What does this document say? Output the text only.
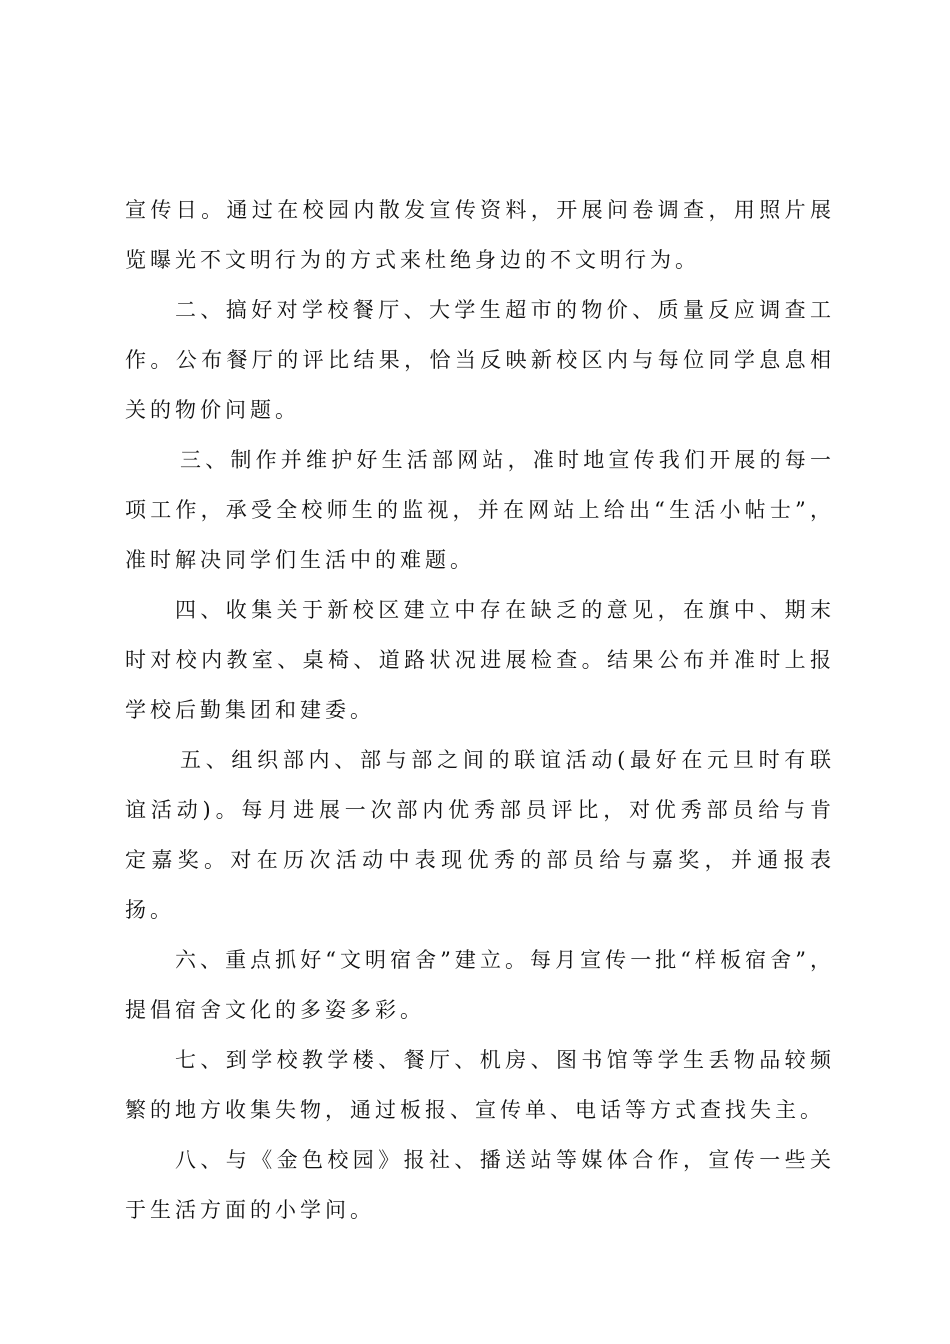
宣传日。通过在校园内散发宣传资料，开展问卷调查，用照片展览曝光不文明行为的方式来杜绝身边的不文明行为。

二、搞好对学校餐厅、大学生超市的物价、质量反应调查工作。公布餐厅的评比结果，恰当反映新校区内与每位同学息息相关的物价问题。

三、制作并维护好生活部网站，准时地宣传我们开展的每一项工作，承受全校师生的监视，并在网站上给出“生活小帖士”，准时解决同学们生活中的难题。

四、收集关于新校区建立中存在缺乏的意见，在旗中、期末时对校内教室、桌椅、道路状况进展检查。结果公布并准时上报学校后勤集团和建委。

五、组织部内、部与部之间的联谊活动(最好在元旦时有联谊活动)。每月进展一次部内优秀部员评比，对优秀部员给与肯定嘉奖。对在历次活动中表现优秀的部员给与嘉奖，并通报表扬。

六、重点抓好“文明宿舍”建立。每月宣传一批“样板宿舍”，提倡宿舍文化的多姿多彩。

七、到学校教学楼、餐厅、机房、图书馆等学生丢物品较频繁的地方收集失物，通过板报、宣传单、电话等方式查找失主。

八、与《金色校园》报社、播送站等媒体合作，宣传一些关于生活方面的小学问。
